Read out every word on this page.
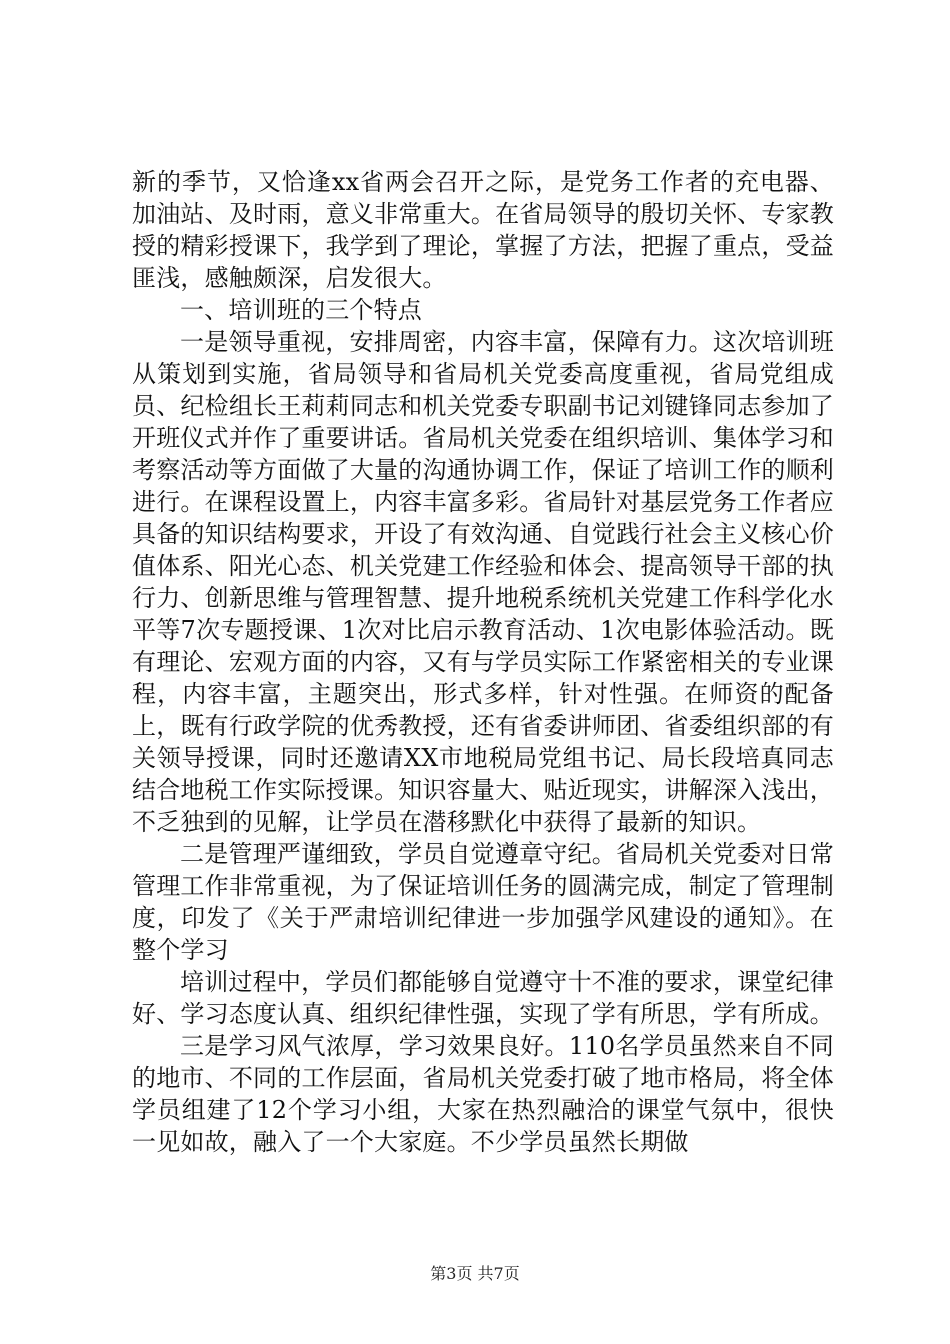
新的季节，又恰逢xx省两会召开之际，是党务工作者的充电器、加油站、及时雨，意义非常重大。在省局领导的殷切关怀、专家教授的精彩授课下，我学到了理论，掌握了方法，把握了重点，受益匪浅，感触颇深，启发很大。

一、培训班的三个特点

一是领导重视，安排周密，内容丰富，保障有力。这次培训班从策划到实施，省局领导和省局机关党委高度重视，省局党组成员、纪检组长王莉莉同志和机关党委专职副书记刘键锋同志参加了开班仪式并作了重要讲话。省局机关党委在组织培训、集体学习和考察活动等方面做了大量的沟通协调工作，保证了培训工作的顺利进行。在课程设置上，内容丰富多彩。省局针对基层党务工作者应具备的知识结构要求，开设了有效沟通、自觉践行社会主义核心价值体系、阳光心态、机关党建工作经验和体会、提高领导干部的执行力、创新思维与管理智慧、提升地税系统机关党建工作科学化水平等7次专题授课、1次对比启示教育活动、1次电影体验活动。既有理论、宏观方面的内容，又有与学员实际工作紧密相关的专业课程，内容丰富，主题突出，形式多样，针对性强。在师资的配备上，既有行政学院的优秀教授，还有省委讲师团、省委组织部的有关领导授课，同时还邀请XX市地税局党组书记、局长段培真同志结合地税工作实际授课。知识容量大、贴近现实，讲解深入浅出，不乏独到的见解，让学员在潜移默化中获得了最新的知识。

二是管理严谨细致，学员自觉遵章守纪。省局机关党委对日常管理工作非常重视，为了保证培训任务的圆满完成，制定了管理制度，印发了《关于严肃培训纪律进一步加强学风建设的通知》。在整个学习

培训过程中，学员们都能够自觉遵守十不准的要求，课堂纪律好、学习态度认真、组织纪律性强，实现了学有所思，学有所成。

三是学习风气浓厚，学习效果良好。110名学员虽然来自不同的地市、不同的工作层面，省局机关党委打破了地市格局，将全体学员组建了12个学习小组，大家在热烈融洽的课堂气氛中，很快一见如故，融入了一个大家庭。不少学员虽然长期做

第3页 共7页
